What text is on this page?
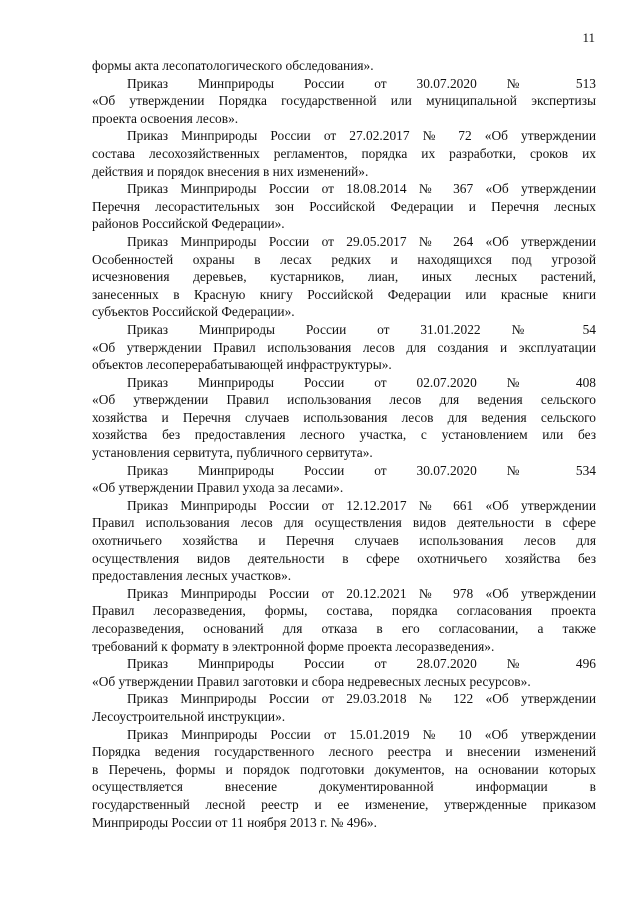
11
формы акта лесопатологического обследования».
Приказ Минприроды России от 30.07.2020 № 513
«Об утверждении Порядка государственной или муниципальной экспертизы
проекта освоения лесов».
Приказ Минприроды России от 27.02.2017 № 72 «Об утверждении
состава лесохозяйственных регламентов, порядка их разработки, сроков их
действия и порядок внесения в них изменений».
Приказ Минприроды России от 18.08.2014 № 367 «Об утверждении
Перечня лесорастительных зон Российской Федерации и Перечня лесных
районов Российской Федерации».
Приказ Минприроды России от 29.05.2017 № 264 «Об утверждении
Особенностей охраны в лесах редких и находящихся под угрозой
исчезновения деревьев, кустарников, лиан, иных лесных растений,
занесенных в Красную книгу Российской Федерации или красные книги
субъектов Российской Федерации».
Приказ Минприроды России от 31.01.2022 № 54
«Об утверждении Правил использования лесов для создания и эксплуатации
объектов лесоперерабатывающей инфраструктуры».
Приказ Минприроды России от 02.07.2020 № 408
«Об утверждении Правил использования лесов для ведения сельского
хозяйства и Перечня случаев использования лесов для ведения сельского
хозяйства без предоставления лесного участка, с установлением или без
установления сервитута, публичного сервитута».
Приказ Минприроды России от 30.07.2020 № 534
«Об утверждении Правил ухода за лесами».
Приказ Минприроды России от 12.12.2017 № 661 «Об утверждении
Правил использования лесов для осуществления видов деятельности в сфере
охотничьего хозяйства и Перечня случаев использования лесов для
осуществления видов деятельности в сфере охотничьего хозяйства без
предоставления лесных участков».
Приказ Минприроды России от 20.12.2021 № 978 «Об утверждении
Правил лесоразведения, формы, состава, порядка согласования проекта
лесоразведения, оснований для отказа в его согласовании, а также
требований к формату в электронной форме проекта лесоразведения».
Приказ Минприроды России от 28.07.2020 № 496
«Об утверждении Правил заготовки и сбора недревесных лесных ресурсов».
Приказ Минприроды России от 29.03.2018 № 122 «Об утверждении
Лесоустроительной инструкции».
Приказ Минприроды России от 15.01.2019 № 10 «Об утверждении
Порядка ведения государственного лесного реестра и внесении изменений
в Перечень, формы и порядок подготовки документов, на основании которых
осуществляется внесение документированной информации в
государственный лесной реестр и ее изменение, утвержденные приказом
Минприроды России от 11 ноября 2013 г. № 496».
